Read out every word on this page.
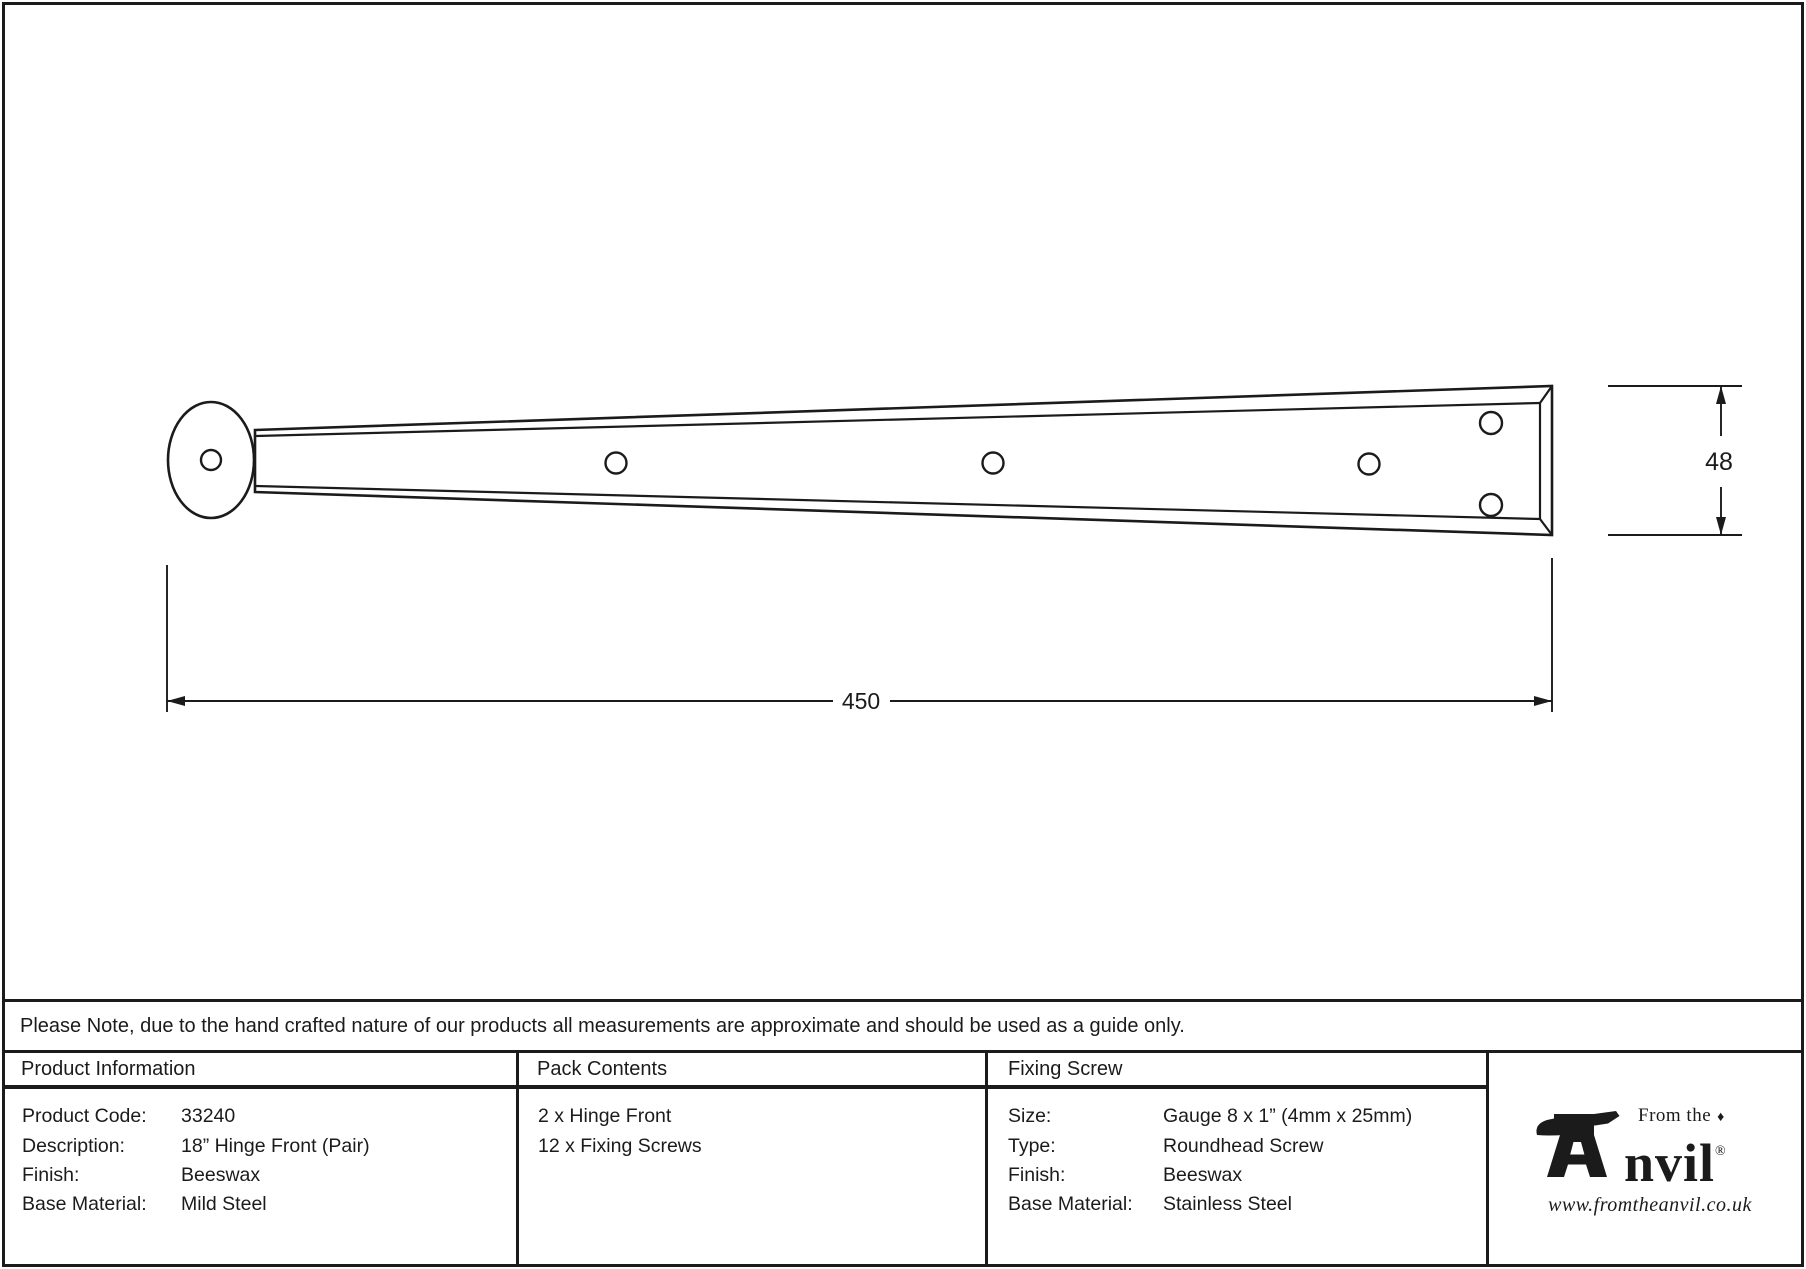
450
48
Please Note, due to the hand crafted nature of our products all measurements are approximate and should be used as a guide only.
Product Information	Pack Contents	Fixing Screw
Product Code:	33240
Description:	18” Hinge Front (Pair)
Finish:	Beeswax
Base Material:	Mild Steel
2 x Hinge Front
12 x Fixing Screws
Size:	Gauge 8 x 1” (4mm x 25mm)
Type:	Roundhead Screw
Finish:	Beeswax
Base Material:	Stainless Steel
From the ♦
nvil®
www.fromtheanvil.co.uk
